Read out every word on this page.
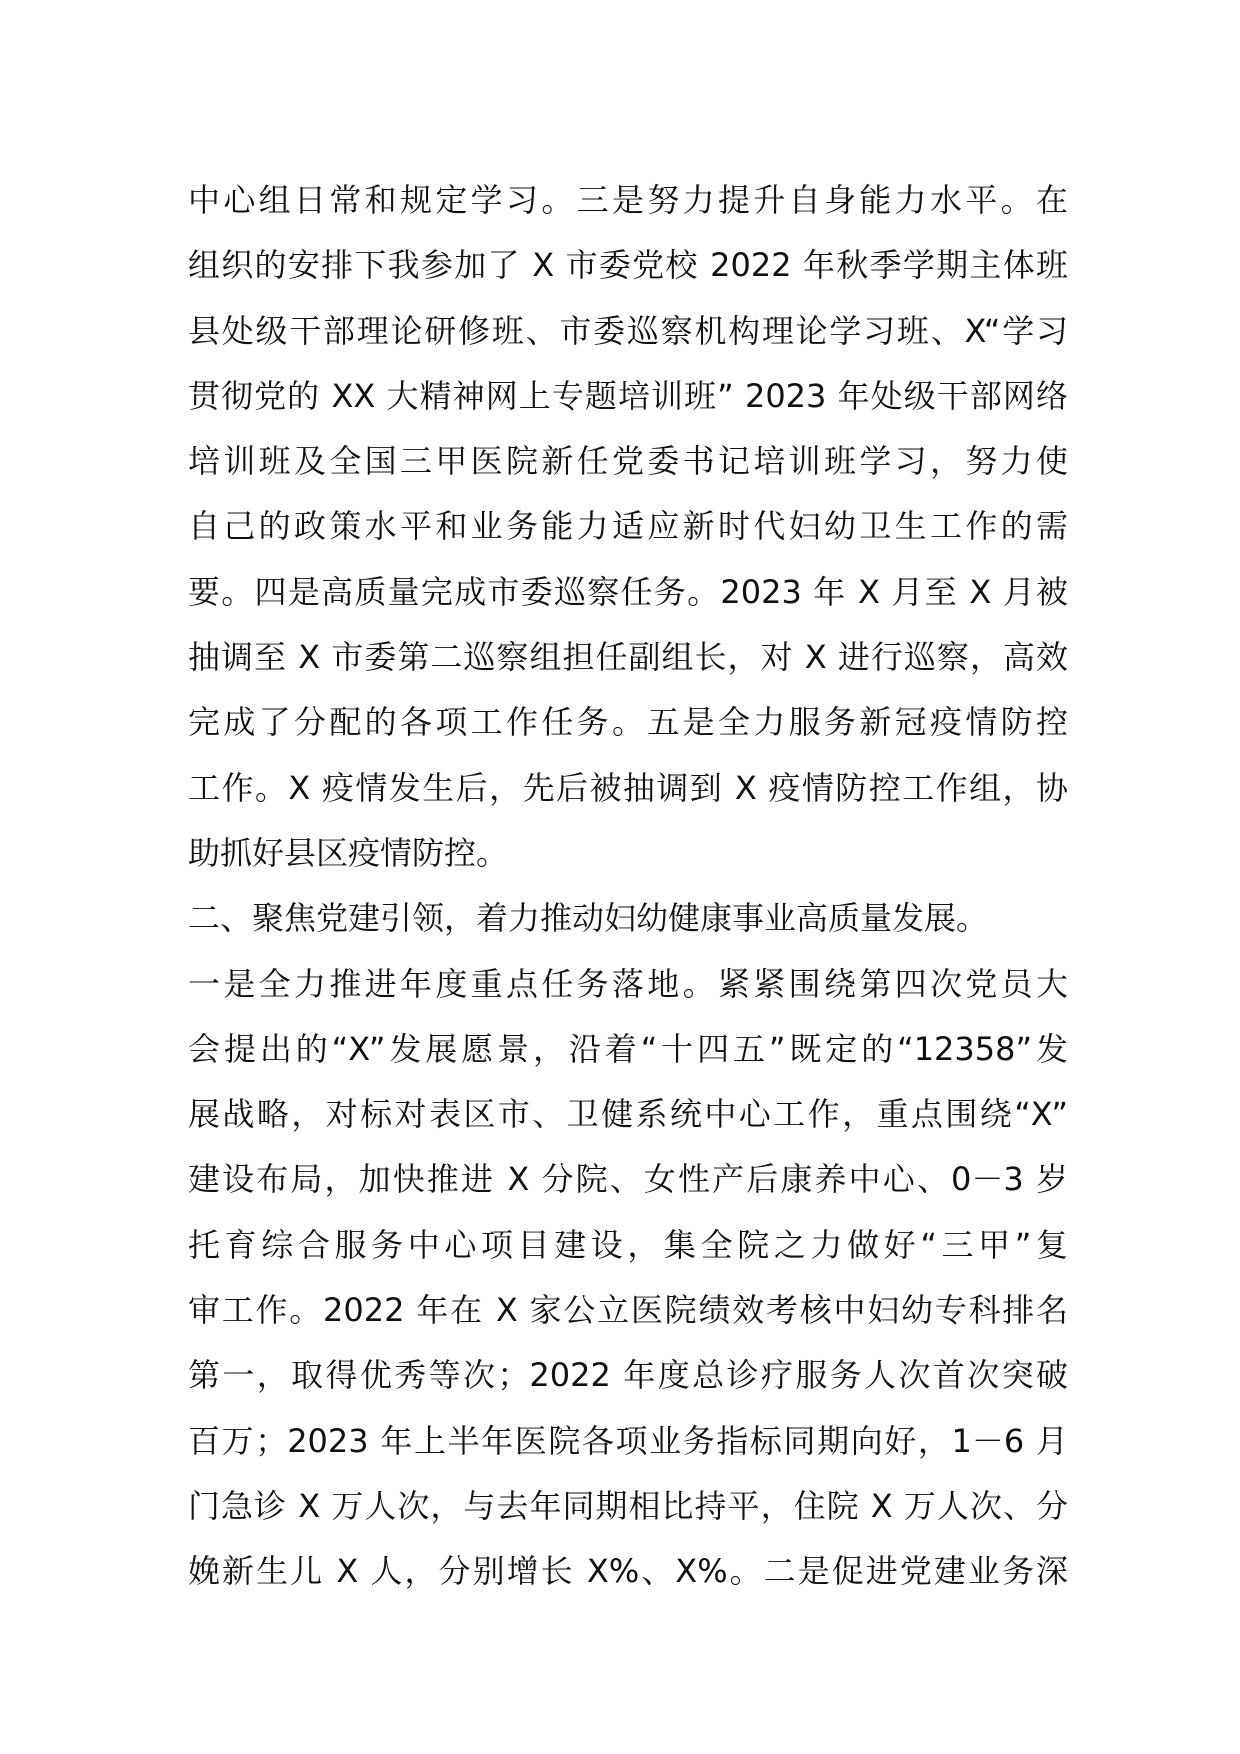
中心组日常和规定学习。三是努力提升自身能力水平。在
组织的安排下我参加了 X 市委党校 2022 年秋季学期主体班
县处级干部理论研修班、市委巡察机构理论学习班、X“学习
贯彻党的 XX 大精神网上专题培训班” 2023 年处级干部网络
培训班及全国三甲医院新任党委书记培训班学习，努力使
自己的政策水平和业务能力适应新时代妇幼卫生工作的需
要。四是高质量完成市委巡察任务。2023 年 X 月至 X 月被
抽调至 X 市委第二巡察组担任副组长，对 X 进行巡察，高效
完成了分配的各项工作任务。五是全力服务新冠疫情防控
工作。X 疫情发生后，先后被抽调到 X 疫情防控工作组，协
助抓好县区疫情防控。
二、聚焦党建引领，着力推动妇幼健康事业高质量发展。
一是全力推进年度重点任务落地。紧紧围绕第四次党员大
会提出的“X”发展愿景，沿着“十四五”既定的“12358”发
展战略，对标对表区市、卫健系统中心工作，重点围绕“X”
建设布局，加快推进 X 分院、女性产后康养中心、0－3 岁
托育综合服务中心项目建设，集全院之力做好“三甲”复
审工作。2022 年在 X 家公立医院绩效考核中妇幼专科排名
第一，取得优秀等次；2022 年度总诊疗服务人次首次突破
百万；2023 年上半年医院各项业务指标同期向好，1－6 月
门急诊 X 万人次，与去年同期相比持平，住院 X 万人次、分
娩新生儿 X 人，分别增长 X%、X%。二是促进党建业务深
